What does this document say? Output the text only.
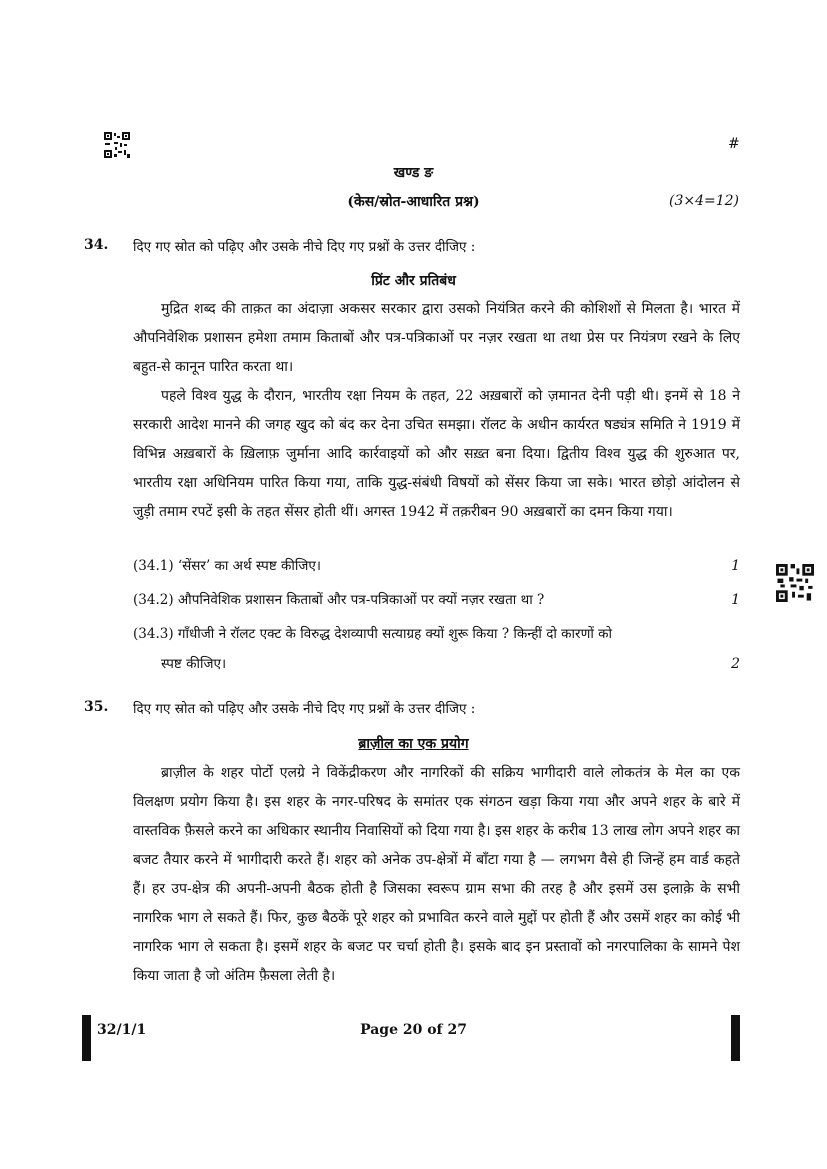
#
खण्ड ङ
(केस/स्रोत-आधारित प्रश्न)	(3×4=12)
34. दिए गए स्रोत को पढ़िए और उसके नीचे दिए गए प्रश्नों के उत्तर दीजिए :
प्रिंट और प्रतिबंध

मुद्रित शब्द की ताक़त का अंदाज़ा अकसर सरकार द्वारा उसको नियंत्रित करने की कोशिशों से मिलता है। भारत में औपनिवेशिक प्रशासन हमेशा तमाम किताबों और पत्र-पत्रिकाओं पर नज़र रखता था तथा प्रेस पर नियंत्रण रखने के लिए बहुत-से कानून पारित करता था।

पहले विश्व युद्ध के दौरान, भारतीय रक्षा नियम के तहत, 22 अख़बारों को ज़मानत देनी पड़ी थी। इनमें से 18 ने सरकारी आदेश मानने की जगह खुद को बंद कर देना उचित समझा। रॉलट के अधीन कार्यरत षड्यंत्र समिति ने 1919 में विभिन्न अख़बारों के ख़िलाफ़ जुर्माना आदि कार्रवाइयों को और सख़्त बना दिया। द्वितीय विश्व युद्ध की शुरुआत पर, भारतीय रक्षा अधिनियम पारित किया गया, ताकि युद्ध-संबंधी विषयों को सेंसर किया जा सके। भारत छोड़ो आंदोलन से जुड़ी तमाम रपटें इसी के तहत सेंसर होती थीं। अगस्त 1942 में तक़रीबन 90 अख़बारों का दमन किया गया।

(34.1) ‘सेंसर’ का अर्थ स्पष्ट कीजिए।	1
(34.2) औपनिवेशिक प्रशासन किताबों और पत्र-पत्रिकाओं पर क्यों नज़र रखता था ?	1
(34.3) गाँधीजी ने रॉलट एक्ट के विरुद्ध देशव्यापी सत्याग्रह क्यों शुरू किया ? किन्हीं दो कारणों को
स्पष्ट कीजिए।	2
35. दिए गए स्रोत को पढ़िए और उसके नीचे दिए गए प्रश्नों के उत्तर दीजिए :
ब्राज़ील का एक प्रयोग

ब्राज़ील के शहर पोर्टो एलग्रे ने विकेंद्रीकरण और नागरिकों की सक्रिय भागीदारी वाले लोकतंत्र के मेल का एक विलक्षण प्रयोग किया है। इस शहर के नगर-परिषद के समांतर एक संगठन खड़ा किया गया और अपने शहर के बारे में वास्तविक फ़ैसले करने का अधिकार स्थानीय निवासियों को दिया गया है। इस शहर के करीब 13 लाख लोग अपने शहर का बजट तैयार करने में भागीदारी करते हैं। शहर को अनेक उप-क्षेत्रों में बाँटा गया है — लगभग वैसे ही जिन्हें हम वार्ड कहते हैं। हर उप-क्षेत्र की अपनी-अपनी बैठक होती है जिसका स्वरूप ग्राम सभा की तरह है और इसमें उस इलाक़े के सभी नागरिक भाग ले सकते हैं। फिर, कुछ बैठकें पूरे शहर को प्रभावित करने वाले मुद्दों पर होती हैं और उसमें शहर का कोई भी नागरिक भाग ले सकता है। इसमें शहर के बजट पर चर्चा होती है। इसके बाद इन प्रस्तावों को नगरपालिका के सामने पेश किया जाता है जो अंतिम फ़ैसला लेती है।

32/1/1	Page 20 of 27
